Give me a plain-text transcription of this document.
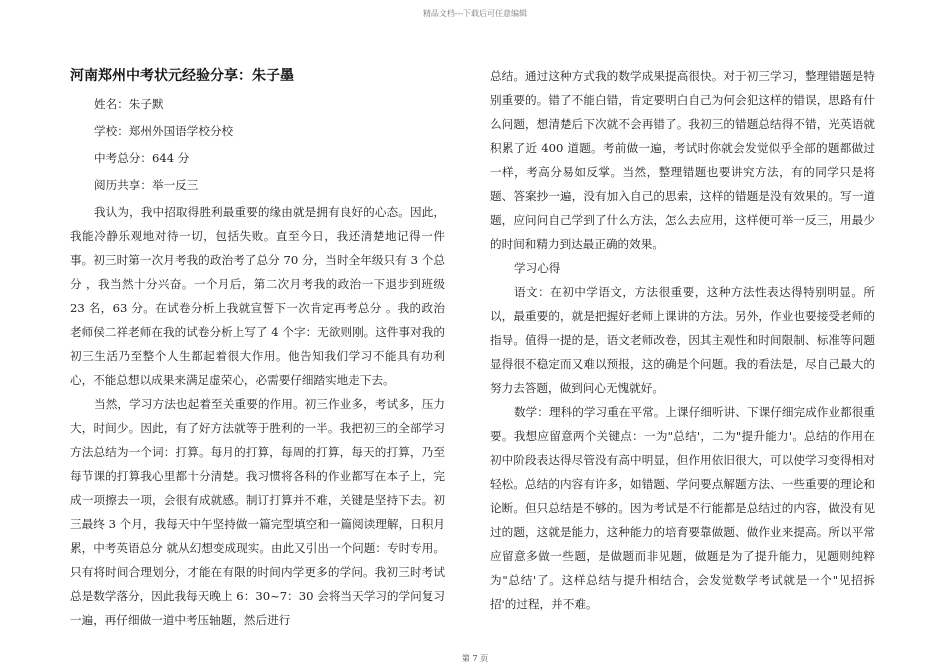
精品文档---下载后可任意编辑
河南郑州中考状元经验分享：朱子墨
姓名：朱子默
学校：郑州外国语学校分校
中考总分：644 分
阅历共享：举一反三

我认为，我中招取得胜利最重要的缘由就是拥有良好的心态。因此，我能冷静乐观地对待一切，包括失败。直至今日，我还清楚地记得一件事。初三时第一次月考我的政治考了总分 70 分，当时全年级只有 3 个总分 ，我当然十分兴奋。一个月后，第二次月考我的政治一下退步到班级 23 名，63 分。在试卷分析上我就宣誓下一次肯定再考总分 。我的政治老师侯二祥老师在我的试卷分析上写了 4 个字：无欲则刚。这件事对我的初三生活乃至整个人生都起着很大作用。他告知我们学习不能具有功利心，不能总想以成果来满足虚荣心，必需要仔细踏实地走下去。

当然，学习方法也起着至关重要的作用。初三作业多，考试多，压力大，时间少。因此，有了好方法就等于胜利的一半。我把初三的全部学习方法总结为一个词：打算。每月的打算，每周的打算，每天的打算，乃至每节课的打算我心里都十分清楚。我习惯将各科的作业都写在本子上，完成一项擦去一项，会很有成就感。制订打算并不难，关键是坚持下去。初三最终 3 个月，我每天中午坚持做一篇完型填空和一篇阅读理解，日积月累，中考英语总分 就从幻想变成现实。由此又引出一个问题：专时专用。只有将时间合理划分，才能在有限的时间内学更多的学问。我初三时考试总是数学落分，因此我每天晚上 6：30~7：30 会将当天学习的学问复习一遍，再仔细做一道中考压轴题，然后进行

总结。通过这种方式我的数学成果提高很快。对于初三学习，整理错题是特别重要的。错了不能白错，肯定要明白自己为何会犯这样的错误，思路有什么问题，想清楚后下次就不会再错了。我初三的错题总结得不错，光英语就积累了近 400 道题。考前做一遍，考试时你就会发觉似乎全部的题都做过一样，考高分易如反掌。当然，整理错题也要讲究方法，有的同学只是将题、答案抄一遍，没有加入自己的思索，这样的错题是没有效果的。写一道题，应问问自己学到了什么方法，怎么去应用，这样便可举一反三，用最少的时间和精力到达最正确的效果。

学习心得

语文：在初中学语文，方法很重要，这种方法性表达得特别明显。所以，最重要的，就是把握好老师上课讲的方法。另外，作业也要接受老师的指导。值得一提的是，语文老师改卷，因其主观性和时间限制、标准等问题显得很不稳定而又难以预报，这的确是个问题。我的看法是，尽自己最大的努力去答题，做到问心无愧就好。

数学：理科的学习重在平常。上课仔细听讲、下课仔细完成作业都很重要。我想应留意两个关键点：一为"总结'，二为"提升能力'。总结的作用在初中阶段表达得尽管没有高中明显，但作用依旧很大，可以使学习变得相对轻松。总结的内容有许多，如错题、学问要点解题方法、一些重要的理论和论断。但只总结是不够的。因为考试是不行能都是总结过的内容，做没有见过的题，这就是能力，这种能力的培育要靠做题、做作业来提高。所以平常应留意多做一些题，是做题而非见题，做题是为了提升能力，见题则纯粹为"总结'了。这样总结与提升相结合，会发觉数学考试就是一个"见招拆招'的过程，并不难。

第 7 页
